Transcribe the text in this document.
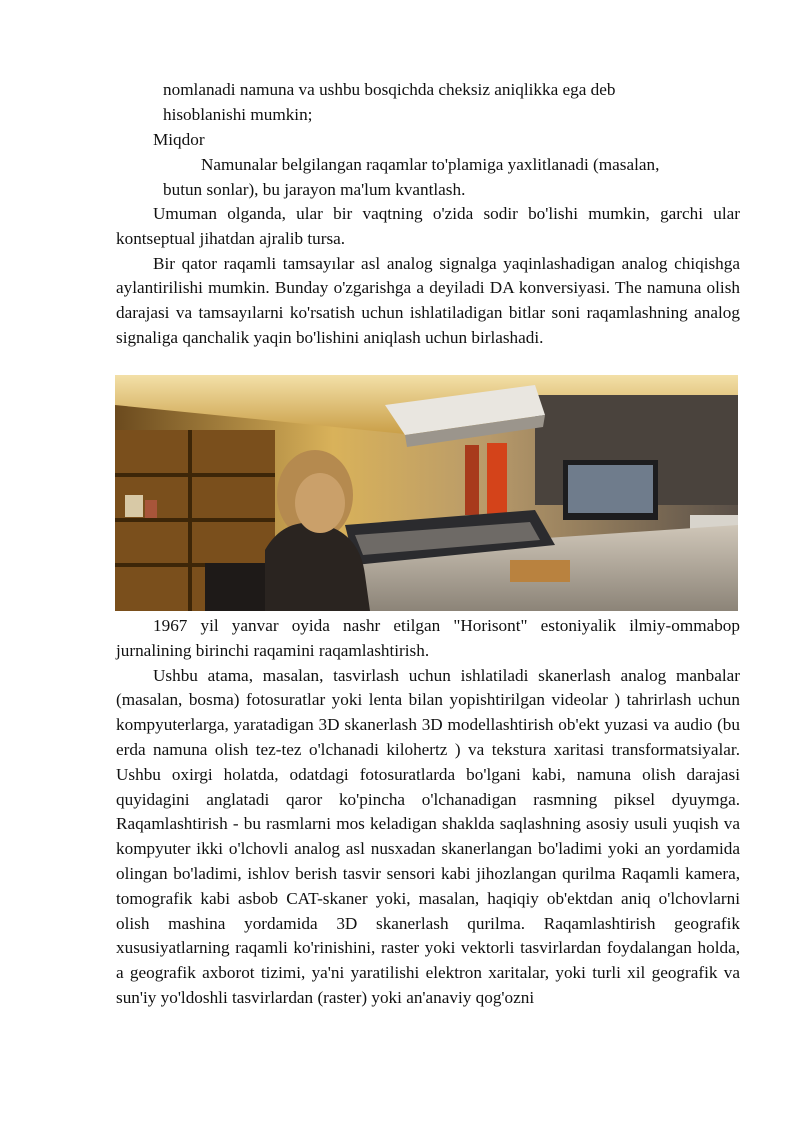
nomlanadi namuna va ushbu bosqichda cheksiz aniqlikka ega deb
hisoblanishi mumkin;
Miqdor
Namunalar belgilangan raqamlar to'plamiga yaxlitlanadi (masalan,
butun sonlar), bu jarayon ma'lum kvantlash.

Umuman olganda, ular bir vaqtning o'zida sodir bo'lishi mumkin, garchi ular kontseptual jihatdan ajralib tursa.

Bir qator raqamli tamsayılar asl analog signalga yaqinlashadigan analog chiqishga aylantirilishi mumkin. Bunday o'zgarishga a deyiladi DA konversiyasi. The namuna olish darajasi va tamsayılarni ko'rsatish uchun ishlatiladigan bitlar soni raqamlashning analog signaliga qanchalik yaqin bo'lishini aniqlash uchun birlashadi.

1967 yil yanvar oyida nashr etilgan "Horisont" estoniyalik ilmiy-ommabop jurnalining birinchi raqamini raqamlashtirish.

Ushbu atama, masalan, tasvirlash uchun ishlatiladi skanerlash analog manbalar (masalan, bosma) fotosuratlar yoki lenta bilan yopishtirilgan videolar ) tahrirlash uchun kompyuterlarga, yaratadigan 3D skanerlash 3D modellashtirish ob'ekt yuzasi va audio (bu erda namuna olish tez-tez o'lchanadi kilohertz ) va tekstura xaritasi transformatsiyalar. Ushbu oxirgi holatda, odatdagi fotosuratlarda bo'lgani kabi, namuna olish darajasi quyidagini anglatadi qaror ko'pincha o'lchanadigan rasmning piksel dyuymga. Raqamlashtirish - bu rasmlarni mos keladigan shaklda saqlashning asosiy usuli yuqish va kompyuter ikki o'lchovli analog asl nusxadan skanerlangan bo'ladimi yoki an yordamida olingan bo'ladimi, ishlov berish tasvir sensori kabi jihozlangan qurilma Raqamli kamera, tomografik kabi asbob CAT-skaner yoki, masalan, haqiqiy ob'ektdan aniq o'lchovlarni olish mashina yordamida 3D skanerlash qurilma. Raqamlashtirish geografik xususiyatlarning raqamli ko'rinishini, raster yoki vektorli tasvirlardan foydalangan holda, a geografik axborot tizimi, ya'ni yaratilishi elektron xaritalar, yoki turli xil geografik va sun'iy yo'ldoshli tasvirlardan (raster) yoki an'anaviy qog'ozni
